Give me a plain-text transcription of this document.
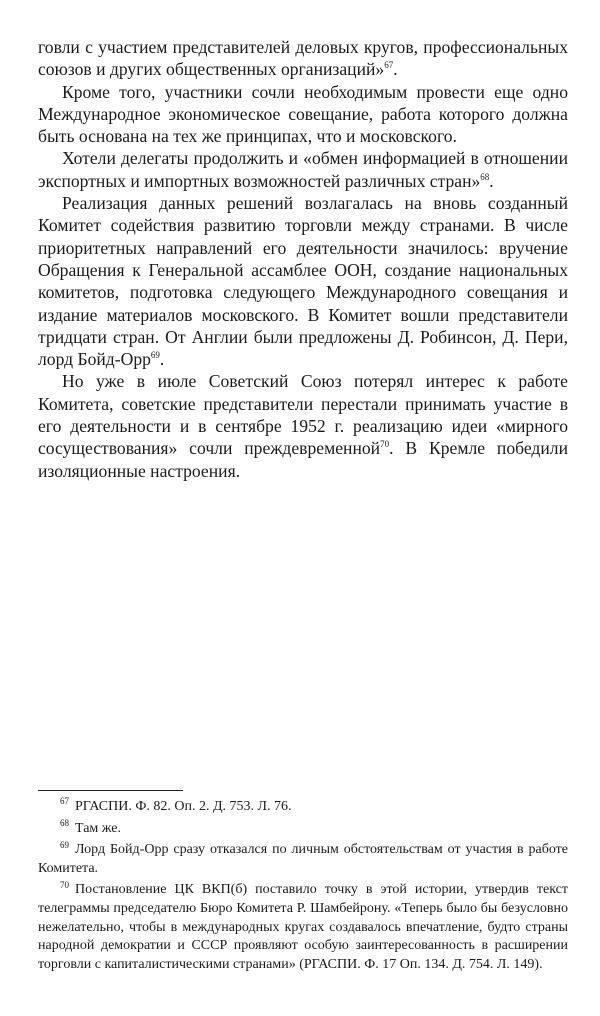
говли с участием представителей деловых кругов, профессиональных союзов и других общественных организаций»$^{67}$.

Кроме того, участники сочли необходимым провести еще одно Международное экономическое совещание, работа которого должна быть основана на тех же принципах, что и московского.

Хотели делегаты продолжить и «обмен информацией в отношении экспортных и импортных возможностей различных стран»$^{68}$.

Реализация данных решений возлагалась на вновь созданный Комитет содействия развитию торговли между странами. В числе приоритетных направлений его деятельности значилось: вручение Обращения к Генеральной ассамблее ООН, создание национальных комитетов, подготовка следующего Международного совещания и издание материалов московского. В Комитет вошли представители тридцати стран. От Англии были предложены Д. Робинсон, Д. Пери, лорд Бойд-Орр$^{69}$.

Но уже в июле Советский Союз потерял интерес к работе Комитета, советские представители перестали принимать участие в его деятельности и в сентябре 1952 г. реализацию идеи «мирного сосуществования» сочли преждевременной$^{70}$. В Кремле победили изоляционные настроения.

$^{67}$ РГАСПИ. Ф. 82. Оп. 2. Д. 753. Л. 76.

$^{68}$ Там же.

$^{69}$ Лорд Бойд-Орр сразу отказался по личным обстоятельствам от участия в работе Комитета.

$^{70}$ Постановление ЦК ВКП(б) поставило точку в этой истории, утвердив текст телеграммы председателю Бюро Комитета Р. Шамбейрону. «Теперь было бы безусловно нежелательно, чтобы в международных кругах создавалось впечатление, будто страны народной демократии и СССР проявляют особую заинтересованность в расширении торговли с капиталистическими странами» (РГАСПИ. Ф. 17 Оп. 134. Д. 754. Л. 149).
